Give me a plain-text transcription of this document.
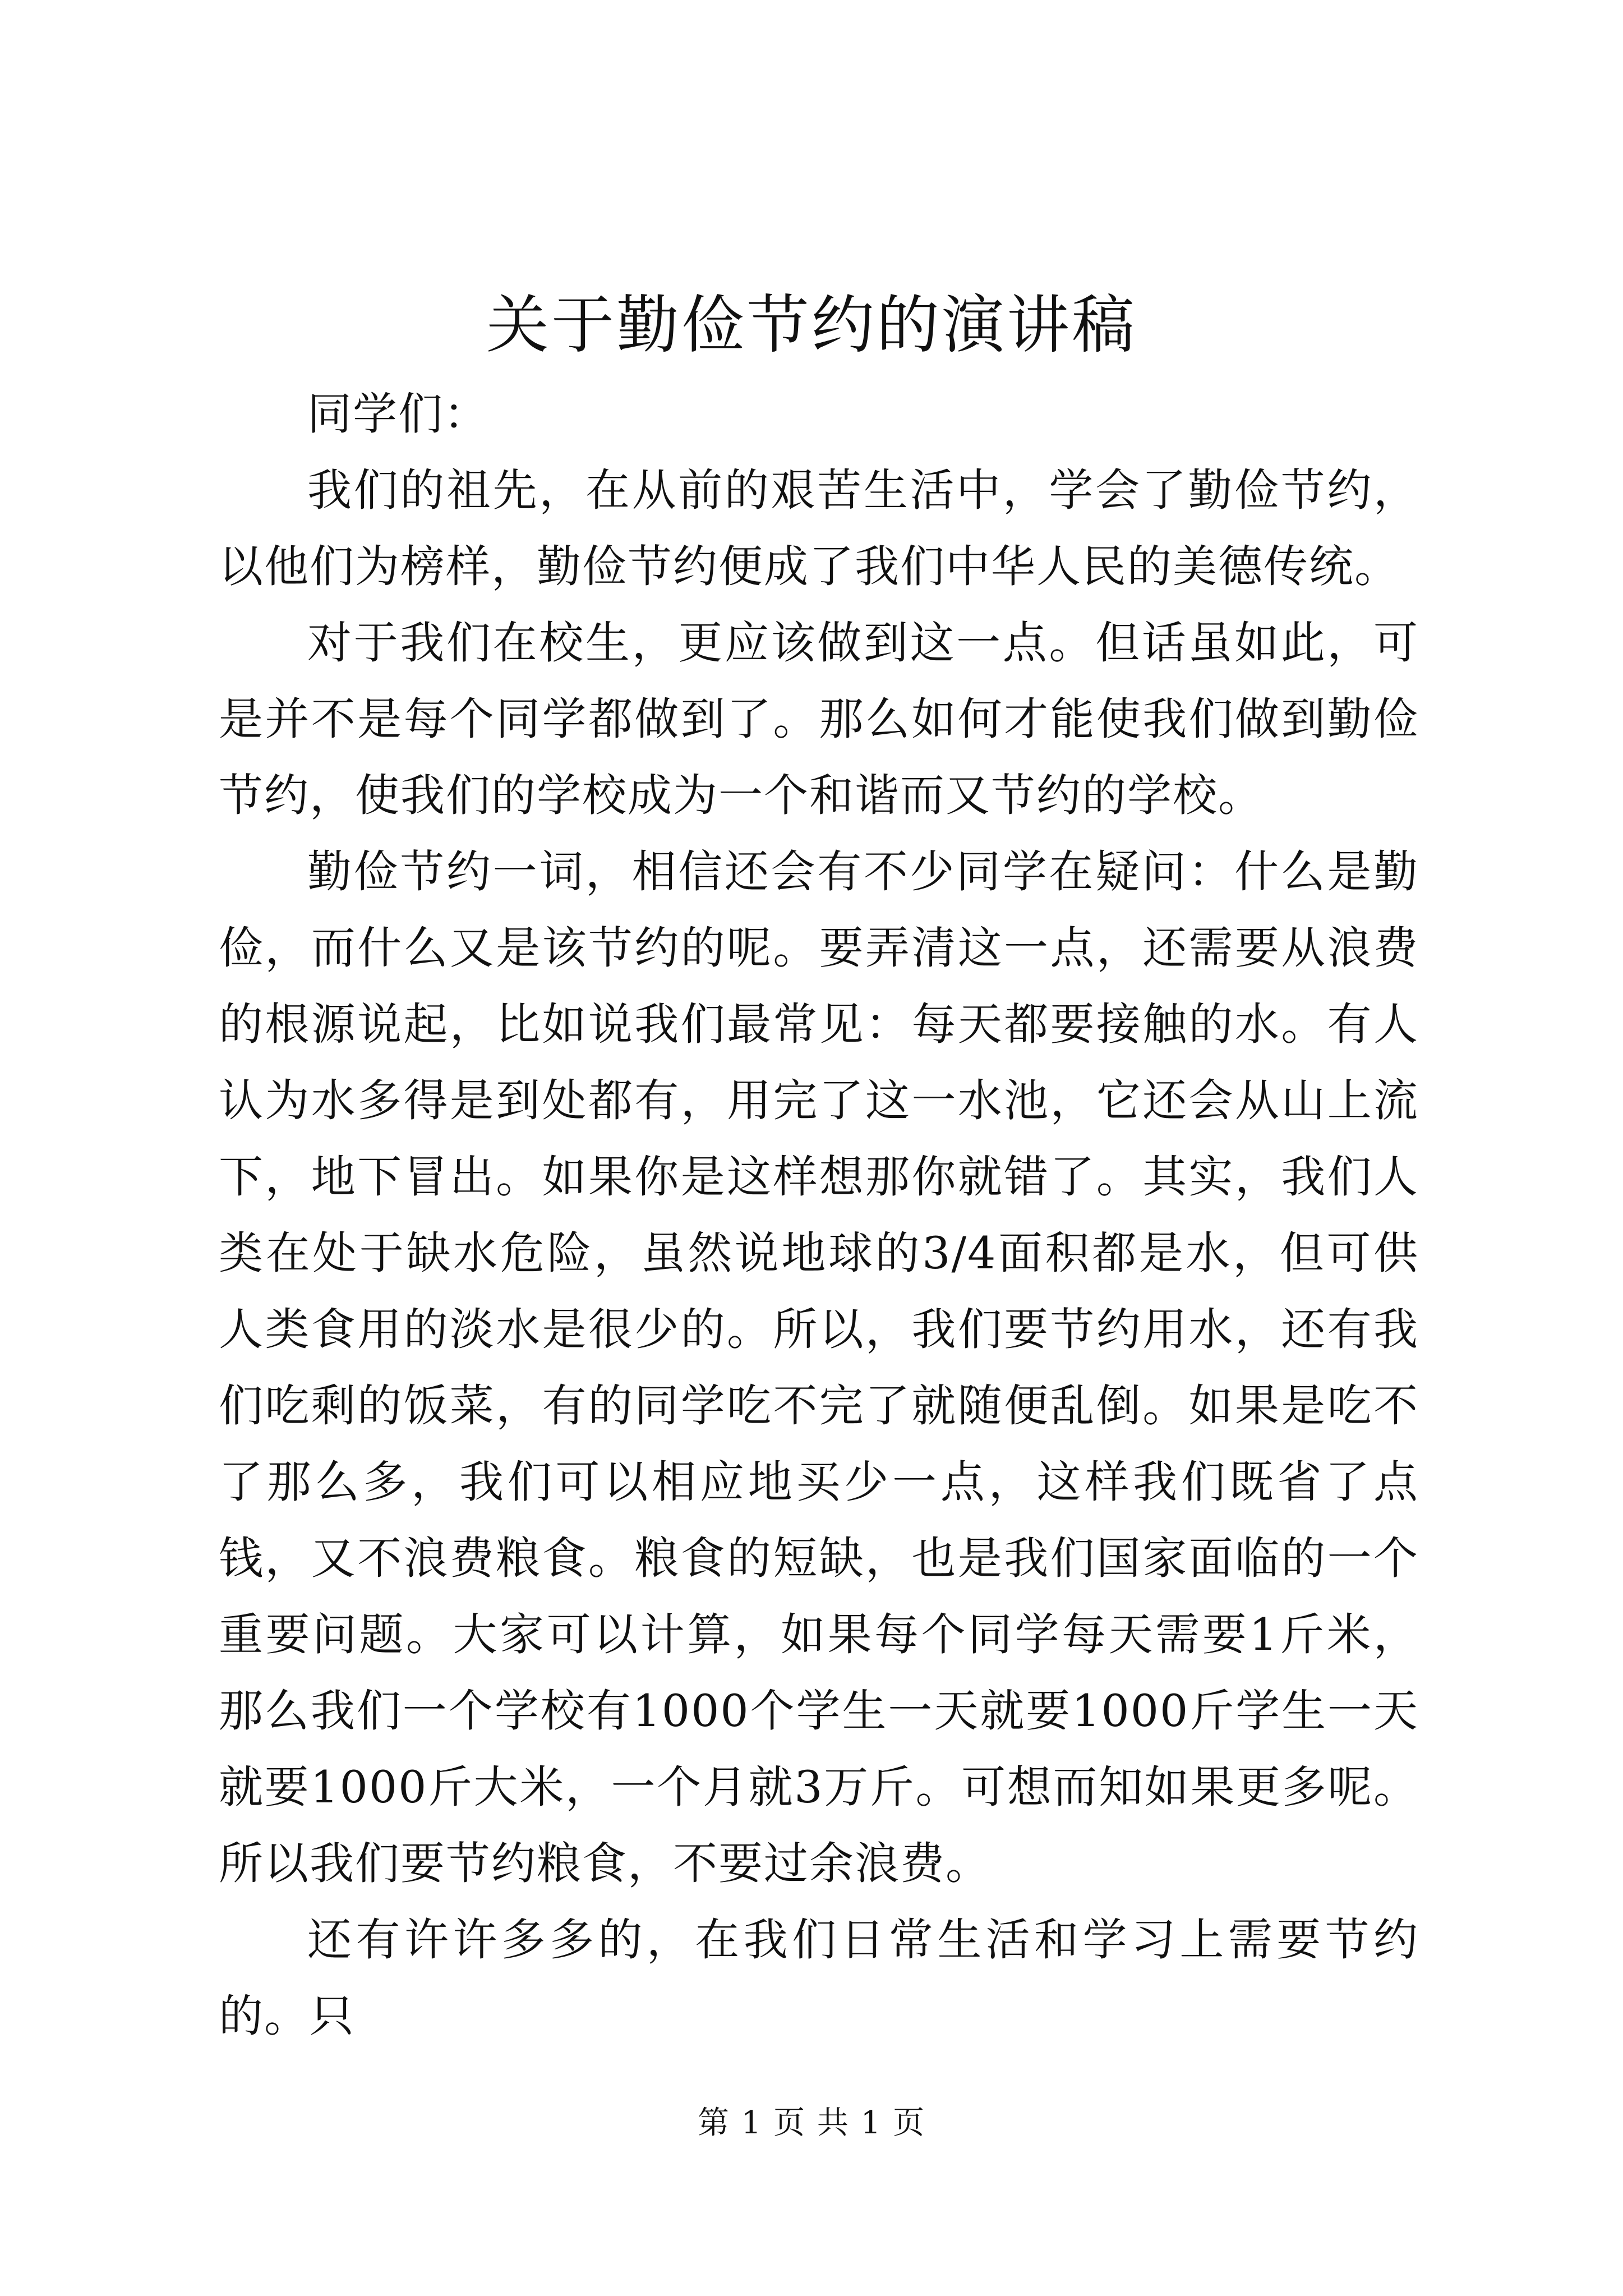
关于勤俭节约的演讲稿

同学们：

我们的祖先，在从前的艰苦生活中，学会了勤俭节约，以他们为榜样，勤俭节约便成了我们中华人民的美德传统。

对于我们在校生，更应该做到这一点。但话虽如此，可是并不是每个同学都做到了。那么如何才能使我们做到勤俭节约，使我们的学校成为一个和谐而又节约的学校。

勤俭节约一词，相信还会有不少同学在疑问：什么是勤俭，而什么又是该节约的呢。要弄清这一点，还需要从浪费的根源说起，比如说我们最常见：每天都要接触的水。有人认为水多得是到处都有，用完了这一水池，它还会从山上流下，地下冒出。如果你是这样想那你就错了。其实，我们人类在处于缺水危险，虽然说地球的3/4面积都是水，但可供人类食用的淡水是很少的。所以，我们要节约用水，还有我们吃剩的饭菜，有的同学吃不完了就随便乱倒。如果是吃不了那么多，我们可以相应地买少一点，这样我们既省了点钱，又不浪费粮食。粮食的短缺，也是我们国家面临的一个重要问题。大家可以计算，如果每个同学每天需要1斤米，那么我们一个学校有1000个学生一天就要1000斤学生一天就要1000斤大米，一个月就3万斤。可想而知如果更多呢。所以我们要节约粮食，不要过余浪费。

还有许许多多的，在我们日常生活和学习上需要节约的。只

第 1 页 共 1 页
